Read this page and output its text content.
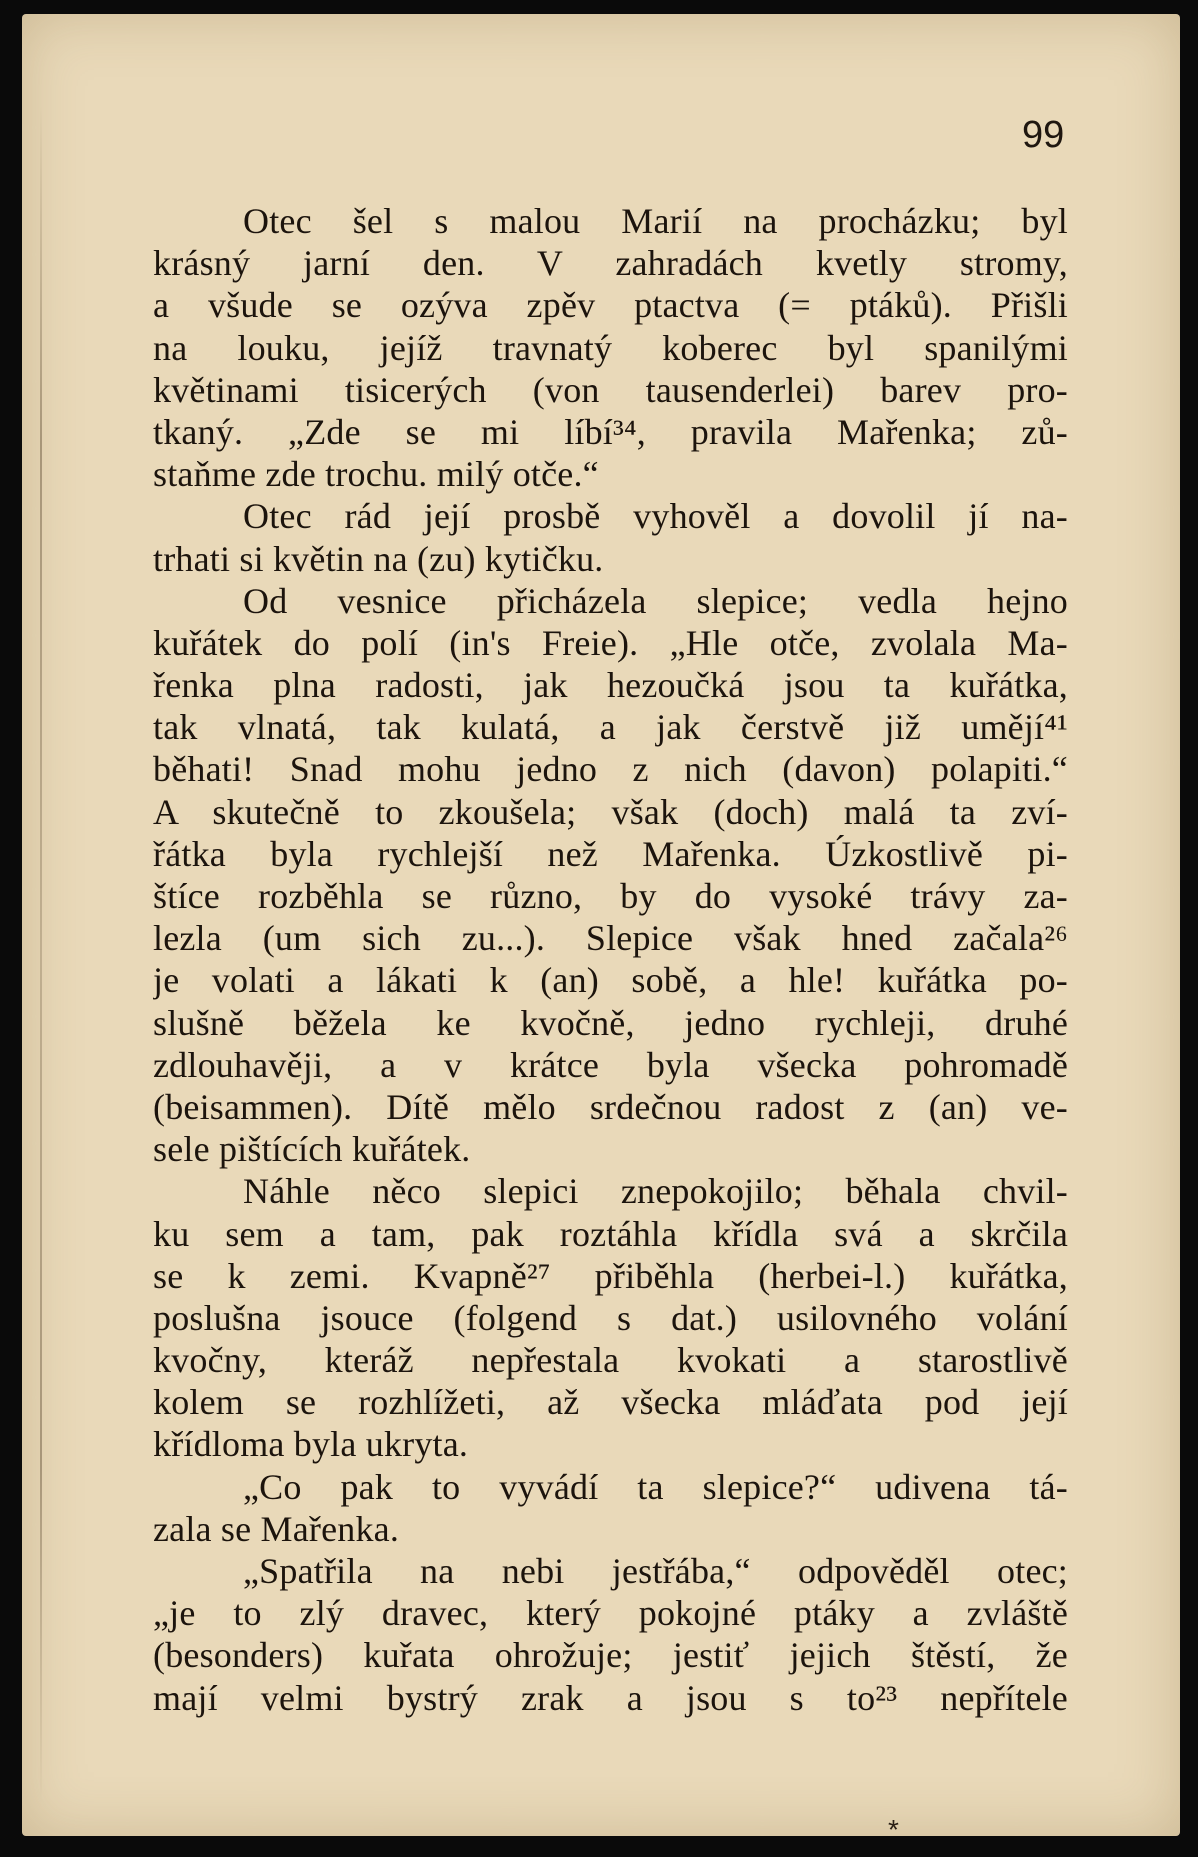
99
Otec šel s malou Marií na procházku; byl
krásný jarní den. V zahradách kvetly stromy,
a všude se ozýva zpěv ptactva (= ptáků). Přišli
na louku, jejíž travnatý koberec byl spanilými
květinami tisicerých (von tausenderlei) barev pro-
tkaný. „Zde se mi líbí³⁴, pravila Mařenka; zů-
staňme zde trochu. milý otče.“
Otec rád její prosbě vyhověl a dovolil jí na-
trhati si květin na (zu) kytičku.
Od vesnice přicházela slepice; vedla hejno
kuřátek do polí (in's Freie). „Hle otče, zvolala Ma-
řenka plna radosti, jak hezoučká jsou ta kuřátka,
tak vlnatá, tak kulatá, a jak čerstvě již umějí⁴¹
běhati! Snad mohu jedno z nich (davon) polapiti.“
A skutečně to zkoušela; však (doch) malá ta zví-
řátka byla rychlejší než Mařenka. Úzkostlivě pi-
štíce rozběhla se různo, by do vysoké trávy za-
lezla (um sich zu...). Slepice však hned začala²⁶
je volati a lákati k (an) sobě, a hle! kuřátka po-
slušně běžela ke kvočně, jedno rychleji, druhé
zdlouhavěji, a v krátce byla všecka pohromadě
(beisammen). Dítě mělo srdečnou radost z (an) ve-
sele pištících kuřátek.
Náhle něco slepici znepokojilo; běhala chvil-
ku sem a tam, pak roztáhla křídla svá a skrčila
se k zemi. Kvapně²⁷ přiběhla (herbei-l.) kuřátka,
poslušna jsouce (folgend s dat.) usilovného volání
kvočny, kteráž nepřestala kvokati a starostlivě
kolem se rozhlížeti, až všecka mláďata pod její
křídloma byla ukryta.
„Co pak to vyvádí ta slepice?“ udivena tá-
zala se Mařenka.
„Spatřila na nebi jestřába,“ odpověděl otec;
„je to zlý dravec, který pokojné ptáky a zvláště
(besonders) kuřata ohrožuje; jestiť jejich štěstí, že
mají velmi bystrý zrak a jsou s to²³ nepřítele
*
